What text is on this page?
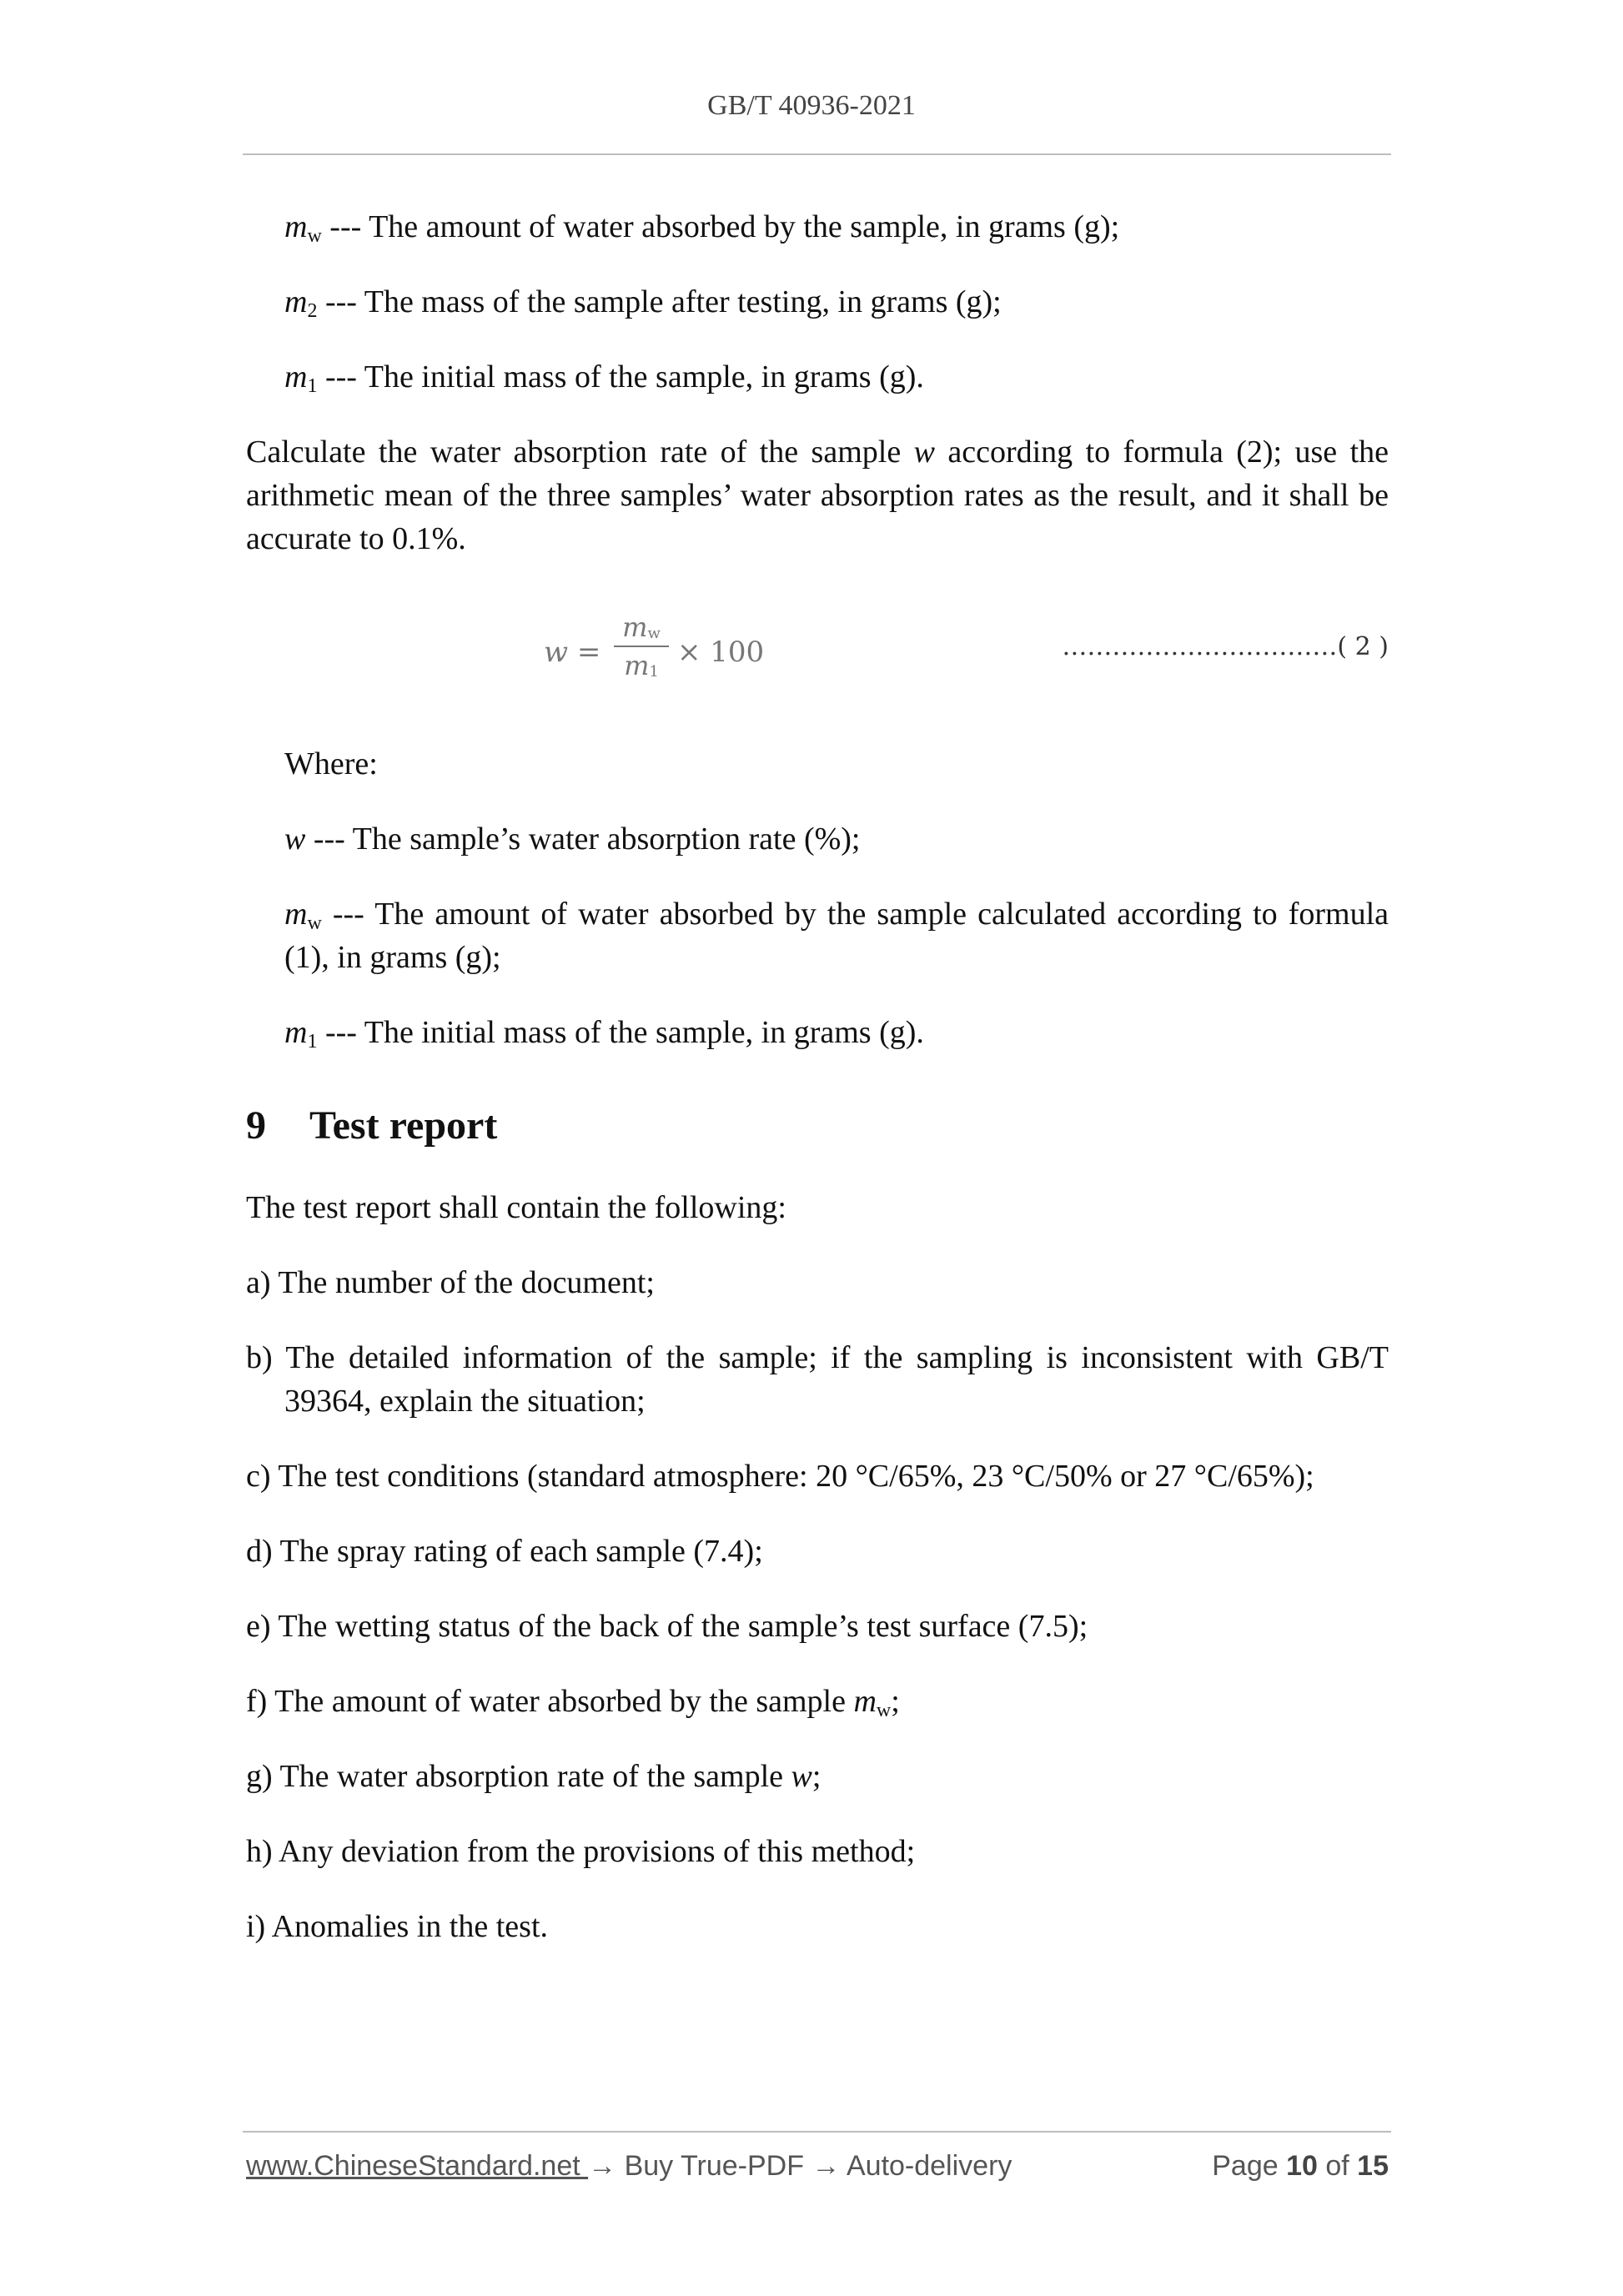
GB/T 40936-2021

$m_w$ --- The amount of water absorbed by the sample, in grams (g);

$m_2$ --- The mass of the sample after testing, in grams (g);

$m_1$ --- The initial mass of the sample, in grams (g).

Calculate the water absorption rate of the sample w according to formula (2); use the arithmetic mean of the three samples’ water absorption rates as the result, and it shall be accurate to 0.1%.

w =
$m_w$
$m_1$
× 100	……………………………( 2 )

Where:

w --- The sample’s water absorption rate (%);

$m_w$ --- The amount of water absorbed by the sample calculated according to formula (1), in grams (g);

$m_1$ --- The initial mass of the sample, in grams (g).

9 Test report

The test report shall contain the following:

a) The number of the document;

b) The detailed information of the sample; if the sampling is inconsistent with GB/T 39364, explain the situation;

c) The test conditions (standard atmosphere: 20 °C/65%, 23 °C/50% or 27 °C/65%);

d) The spray rating of each sample (7.4);

e) The wetting status of the back of the sample’s test surface (7.5);

f) The amount of water absorbed by the sample $m_w$;

g) The water absorption rate of the sample w;

h) Any deviation from the provisions of this method;

i) Anomalies in the test.

www.ChineseStandard.net → Buy True-PDF → Auto-delivery	Page 10 of 15
